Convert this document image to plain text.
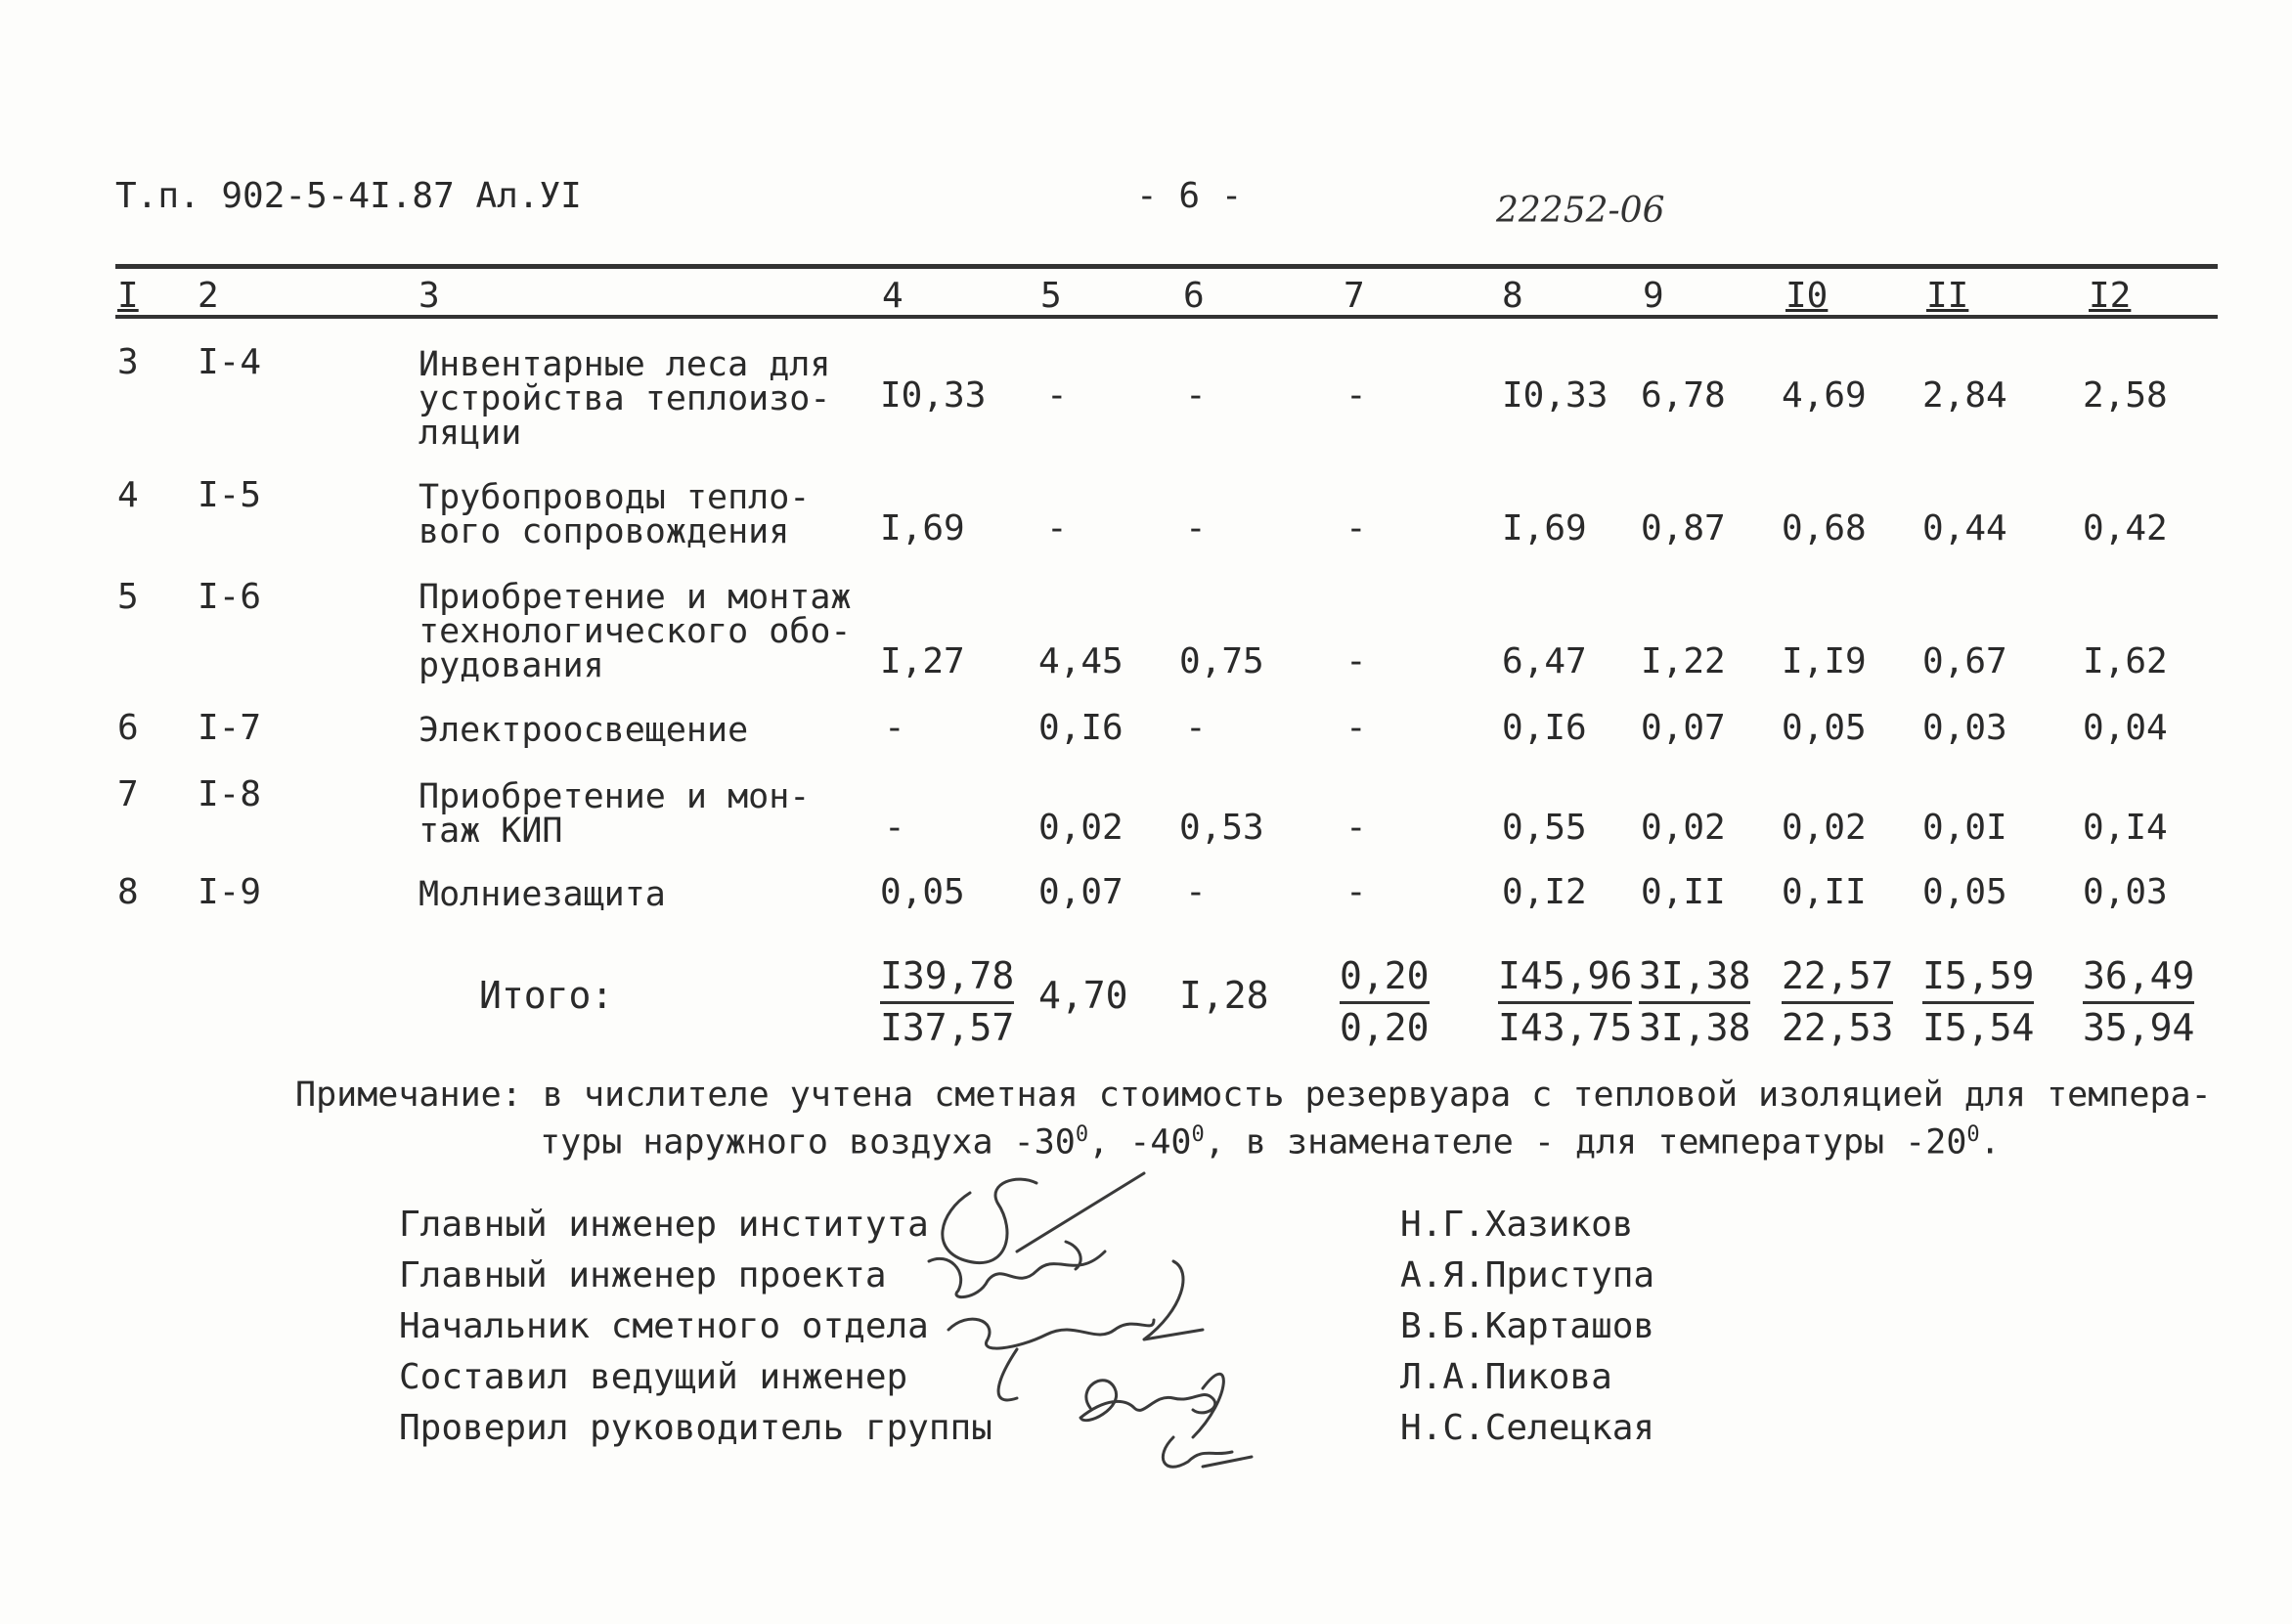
Т.п. 902-5-4I.87 Ал.УI	- 6 -	22252-06
I 2	3	4	5	6	7	8	9	I0	II	I2
3 I-4	Инвентарные леса для
устройства теплоизо-
ляции
I0,33 -	-	-	I0,33 6,78 4,69 2,84 2,58
4 I-5	Трубопроводы тепло-
вого сопровождения	I,69 -	-	-	I,69 0,87 0,68 0,44 0,42
5 I-6	Приобретение и монтаж
технологического обо-
рудования	I,27 4,45 0,75 -	6,47 I,22 I,I9 0,67 I,62
6 I-7	Электроосвещение	-	0,I6 -	-	0,I6 0,07 0,05 0,03 0,04
7 I-8	Приобретение и мон-
таж КИП	-	0,02 0,53 -	0,55 0,02 0,02 0,0I 0,I4
8 I-9	Молниезащита	0,05 0,07 -	-	0,I2 0,II 0,II 0,05 0,03
Итого:	$\frac{I39,78}{I37,57} 4,70$ $I,28 \frac{0,20}{0,20} \frac{I45,96}{I43,75} \frac{3I,38}{3I,38} \frac{22,57}{22,53} \frac{I5,59}{I5,54} \frac{36,49}{35,94}$
Примечание: в числителе учтена сметная стоимость резервуара с тепловой изоляцией для темпера-
туры наружного воздуха $-30^0$, $-40^0$, в знаменателе - для температуры $-20^0$.
Главный инженер института	Н.Г.Хазиков
Главный инженер проекта	А.Я.Приступа
Начальник сметного отдела	В.Б.Карташов
Составил ведущий инженер	Л.А.Пикова
Проверил руководитель группы	Н.С.Селецкая
